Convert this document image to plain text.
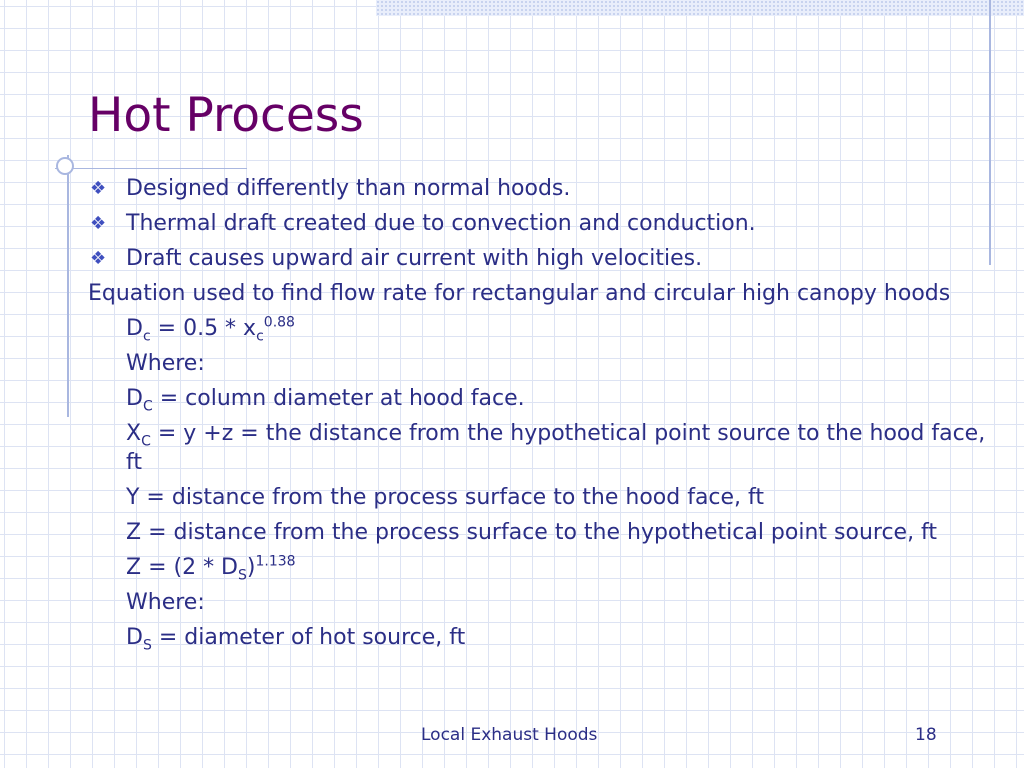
Hot Process
❖ Designed differently than normal hoods.
❖ Thermal draft created due to convection and conduction.
❖ Draft causes upward air current with high velocities.
Equation used to find flow rate for rectangular and circular high canopy hoods
$D_c = 0.5 * x_c^{0.88}$
Where:
$D_C$ = column diameter at hood face.
$X_C = y +z$ = the distance from the hypothetical point source to the hood face, ft
Y = distance from the process surface to the hood face, ft
Z = distance from the process surface to the hypothetical point source, ft
$Z = (2 * D_S)^{1.138}$
Where:
$D_S$ = diameter of hot source, ft
Local Exhaust Hoods	18
